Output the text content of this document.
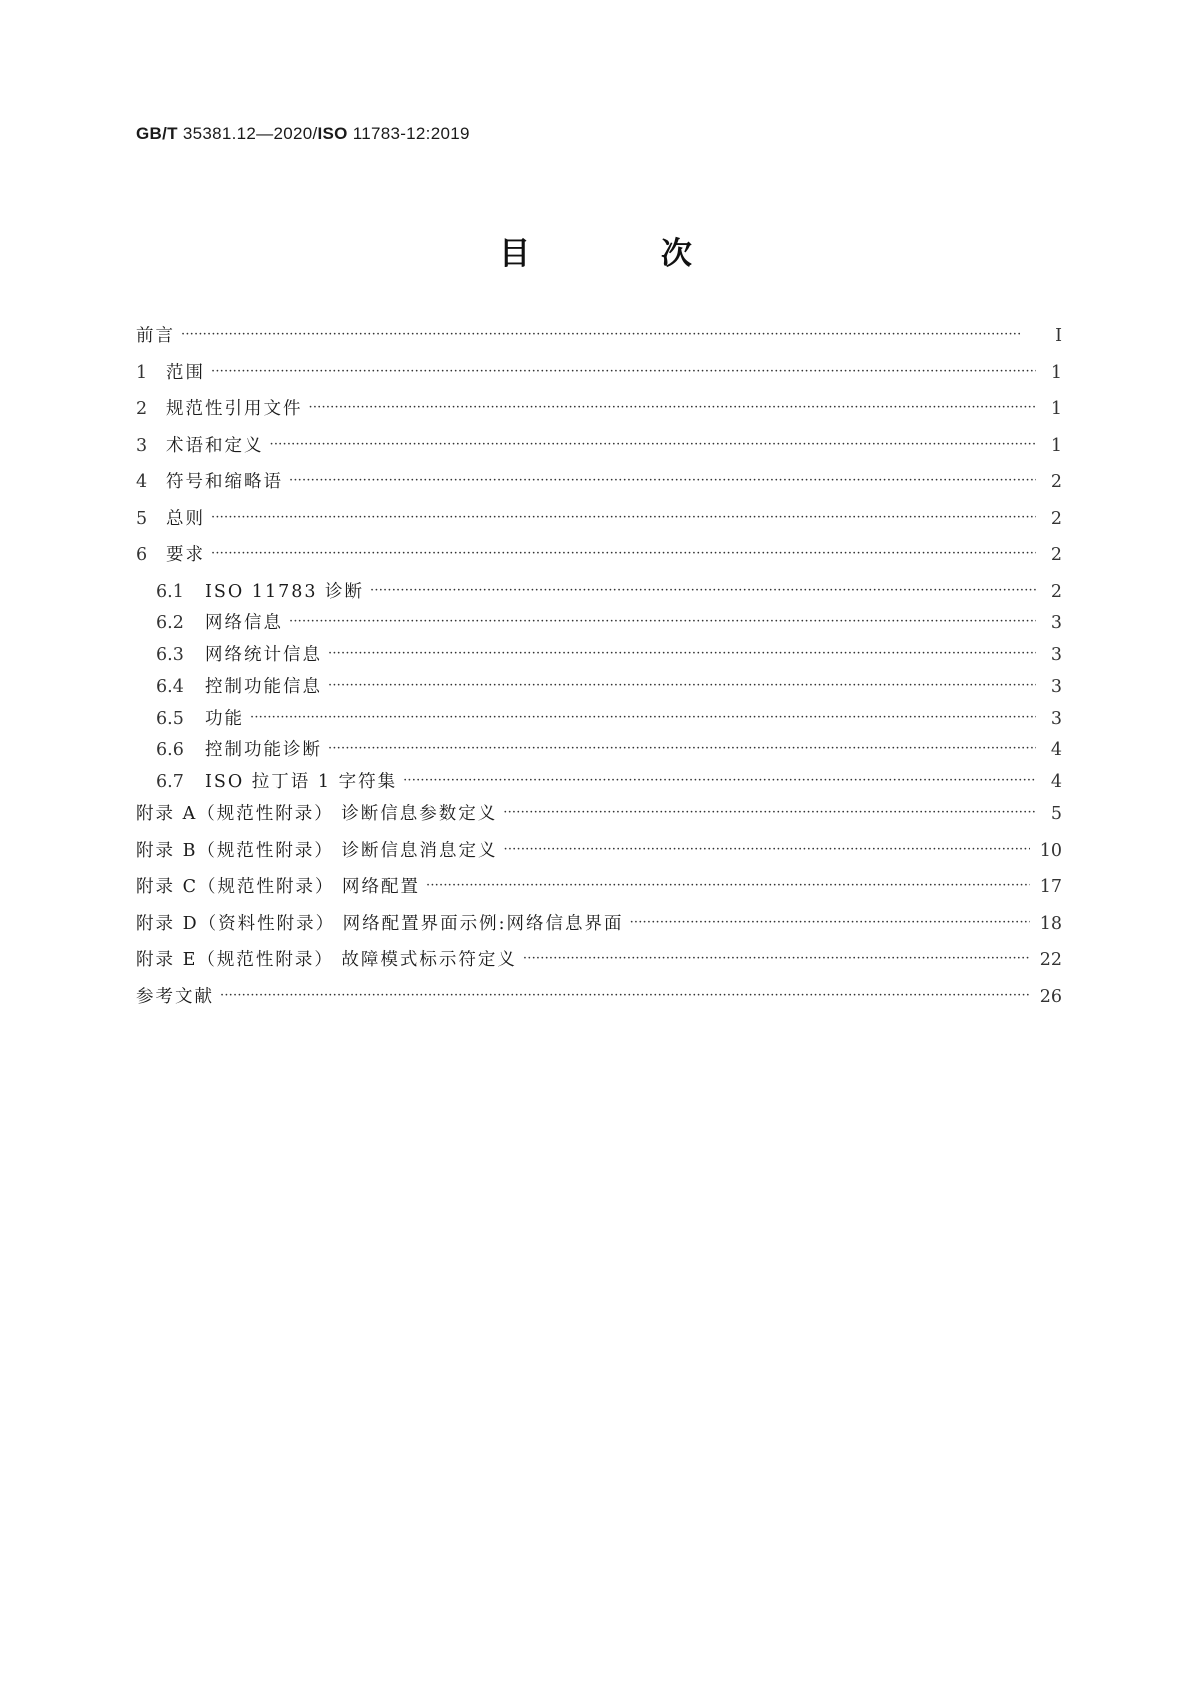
GB/T 35381.12—2020/ISO 11783-12:2019
目 次
前言 ·····	Ⅰ
1	范围 ·····	1
2	规范性引用文件 ·····	1
3	术语和定义 ·····	1
4	符号和缩略语 ·····	2
5	总则 ·····	2
6	要求 ·····	2
6.1	ISO 11783 诊断 ·····	2
6.2	网络信息 ·····	3
6.3	网络统计信息 ·····	3
6.4	控制功能信息 ·····	3
6.5	功能 ·····	3
6.6	控制功能诊断 ·····	4
6.7	ISO 拉丁语 1 字符集 ·····	4
附录 A（规范性附录） 诊断信息参数定义 ·····	5
附录 B（规范性附录） 诊断信息消息定义 ·····	10
附录 C（规范性附录） 网络配置 ·····	17
附录 D（资料性附录） 网络配置界面示例:网络信息界面 ·····	18
附录 E（规范性附录） 故障模式标示符定义 ·····	22
参考文献 ·····	26
